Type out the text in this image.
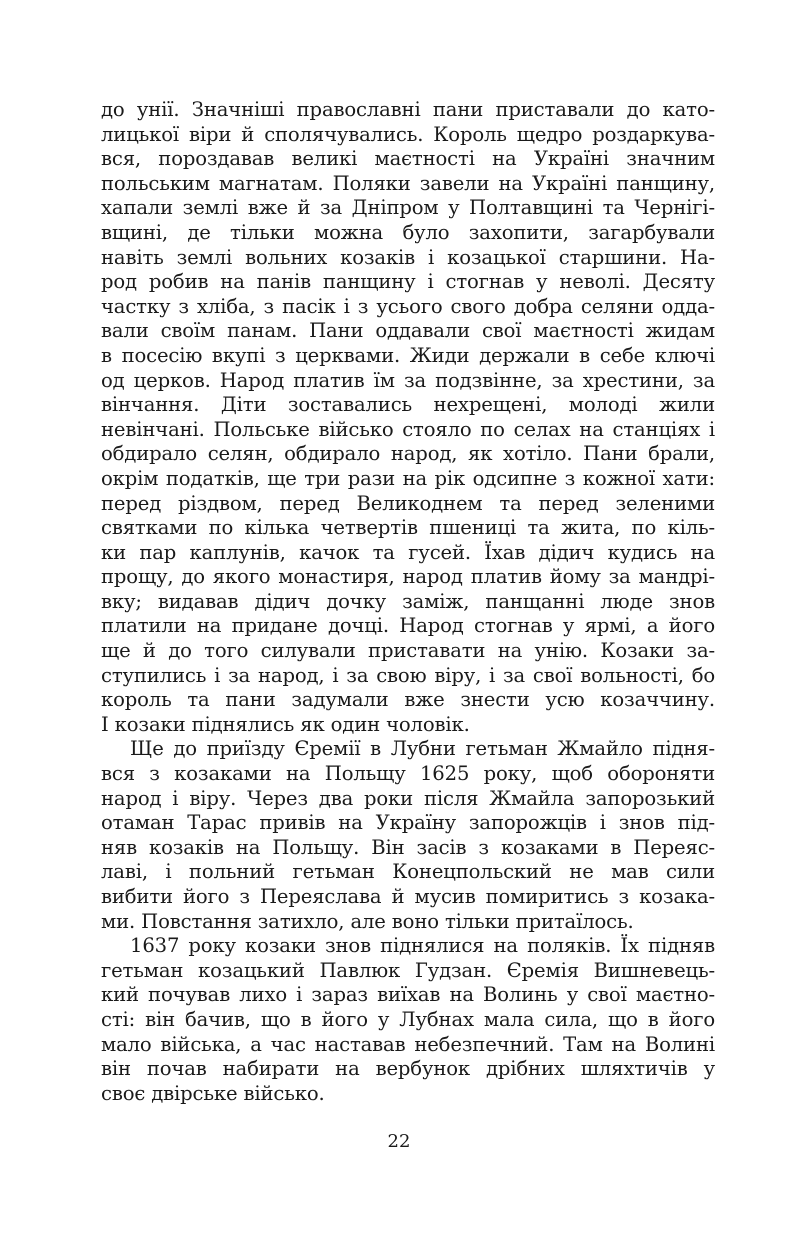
до унії. Значніші православні пани приставали до като-
лицької віри й сполячувались. Король щедро роздаркува-
вся, пороздавав великі маєтності на Україні значним
польським магнатам. Поляки завели на Україні панщину,
хапали землі вже й за Дніпром у Полтавщині та Чернігі-
вщині, де тільки можна було захопити, загарбували
навіть землі вольних козаків і козацької старшини. На-
род робив на панів панщину і стогнав у неволі. Десяту
частку з хліба, з пасік і з усього свого добра селяни одда-
вали своїм панам. Пани оддавали свої маєтності жидам
в посесію вкупі з церквами. Жиди держали в себе ключі
од церков. Народ платив їм за подзвінне, за хрестини, за
вінчання. Діти зоставались нехрещені, молоді жили
невінчані. Польське військо стояло по селах на станціях і
обдирало селян, обдирало народ, як хотіло. Пани брали,
окрім податків, ще три рази на рік одсипне з кожної хати:
перед різдвом, перед Великоднем та перед зеленими
святками по кілька четвертів пшениці та жита, по кіль-
ки пар каплунів, качок та гусей. Їхав дідич кудись на
прощу, до якого монастиря, народ платив йому за мандрі-
вку; видавав дідич дочку заміж, панщанні люде знов
платили на придане дочці. Народ стогнав у ярмі, а його
ще й до того силували приставати на унію. Козаки за-
ступились і за народ, і за свою віру, і за свої вольності, бо
король та пани задумали вже знести усю козаччину.
І козаки піднялись як один чоловік.
Ще до приїзду Єремії в Лубни гетьман Жмайло підня-
вся з козаками на Польщу 1625 року, щоб обороняти
народ і віру. Через два роки після Жмайла запорозький
отаман Тарас привів на Україну запорожців і знов під-
няв козаків на Польщу. Він засів з козаками в Переяс-
лаві, і польний гетьман Конецпольский не мав сили
вибити його з Переяслава й мусив помиритись з козака-
ми. Повстання затихло, але воно тільки притаїлось.
1637 року козаки знов піднялися на поляків. Їх підняв
гетьман козацький Павлюк Гудзан. Єремія Вишневець-
кий почував лихо і зараз виїхав на Волинь у свої маєтно-
сті: він бачив, що в його у Лубнах мала сила, що в його
мало війська, а час наставав небезпечний. Там на Волині
він почав набирати на вербунок дрібних шляхтичів у
своє двірське військо.
22
